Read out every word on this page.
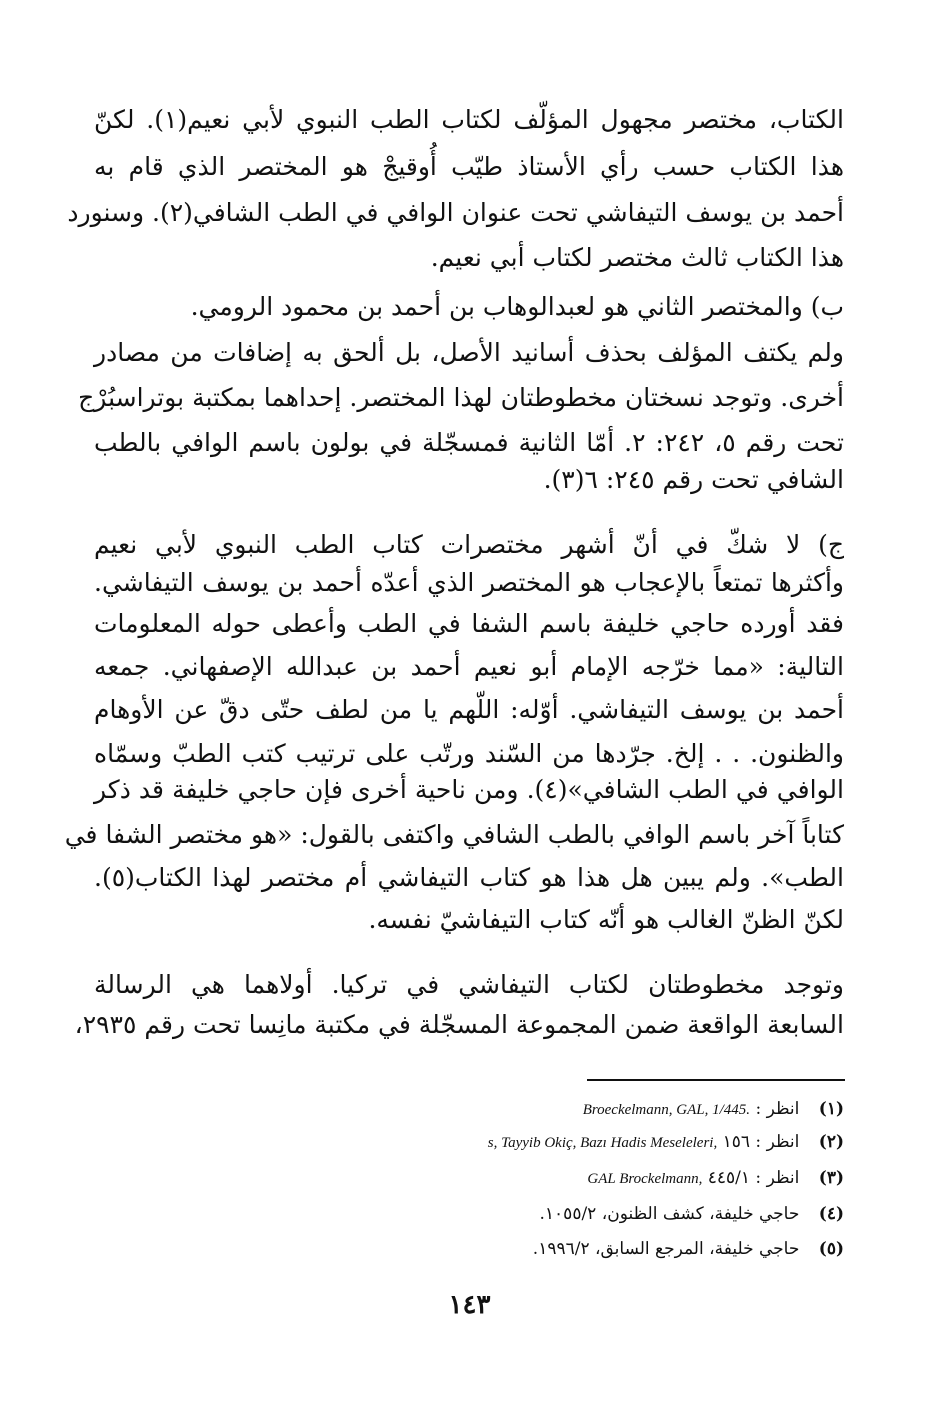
الكتاب، مختصر مجهول المؤلّف لكتاب الطب النبوي لأبي نعيم(١). لكنّ
هذا الكتاب حسب رأي الأستاذ طيّب أُوقيجْ هو المختصر الذي قام به
أحمد بن يوسف التيفاشي تحت عنوان الوافي في الطب الشافي(٢). وسنورد
هذا الكتاب ثالث مختصر لكتاب أبي نعيم.
ب) والمختصر الثاني هو لعبدالوهاب بن أحمد بن محمود الرومي.
ولم يكتف المؤلف بحذف أسانيد الأصل، بل ألحق به إضافات من مصادر
أخرى. وتوجد نسختان مخطوطتان لهذا المختصر. إحداهما بمكتبة بوتراسبُرْج
تحت رقم ٥، ٢٤٢: ٢. أمّا الثانية فمسجّلة في بولون باسم الوافي بالطب
الشافي تحت رقم ٢٤٥: ٦(٣).
ج) لا شكّ في أنّ أشهر مختصرات كتاب الطب النبوي لأبي نعيم
وأكثرها تمتعاً بالإعجاب هو المختصر الذي أعدّه أحمد بن يوسف التيفاشي.
فقد أورده حاجي خليفة باسم الشفا في الطب وأعطى حوله المعلومات
التالية: «مما خرّجه الإمام أبو نعيم أحمد بن عبدالله الإصفهاني. جمعه
أحمد بن يوسف التيفاشي. أوّله: اللّهم يا من لطف حتّى دقّ عن الأوهام
والظنون. . . إلخ. جرّدها من السّند ورتّب على ترتيب كتب الطبّ وسمّاه
الوافي في الطب الشافي»(٤). ومن ناحية أخرى فإن حاجي خليفة قد ذكر
كتاباً آخر باسم الوافي بالطب الشافي واكتفى بالقول: «هو مختصر الشفا في
الطب». ولم يبين هل هذا هو كتاب التيفاشي أم مختصر لهذا الكتاب(٥).
لكنّ الظنّ الغالب هو أنّه كتاب التيفاشيّ نفسه.
وتوجد مخطوطتان لكتاب التيفاشي في تركيا. أولاهما هي الرسالة
السابعة الواقعة ضمن المجموعة المسجّلة في مكتبة مانِسا تحت رقم ٢٩٣٥،
(١) انظر : Broeckelmann, GAL, 1/445.
(٢) انظر : ١٥٦ s, Tayyib Okiç, Bazı Hadis Meseleleri,
(٣) انظر : ٤٤٥/١ GAL Brockelmann,
(٤) حاجي خليفة، كشف الظنون، ١٠٥٥/٢.
(٥) حاجي خليفة، المرجع السابق، ١٩٩٦/٢.
١٤٣
